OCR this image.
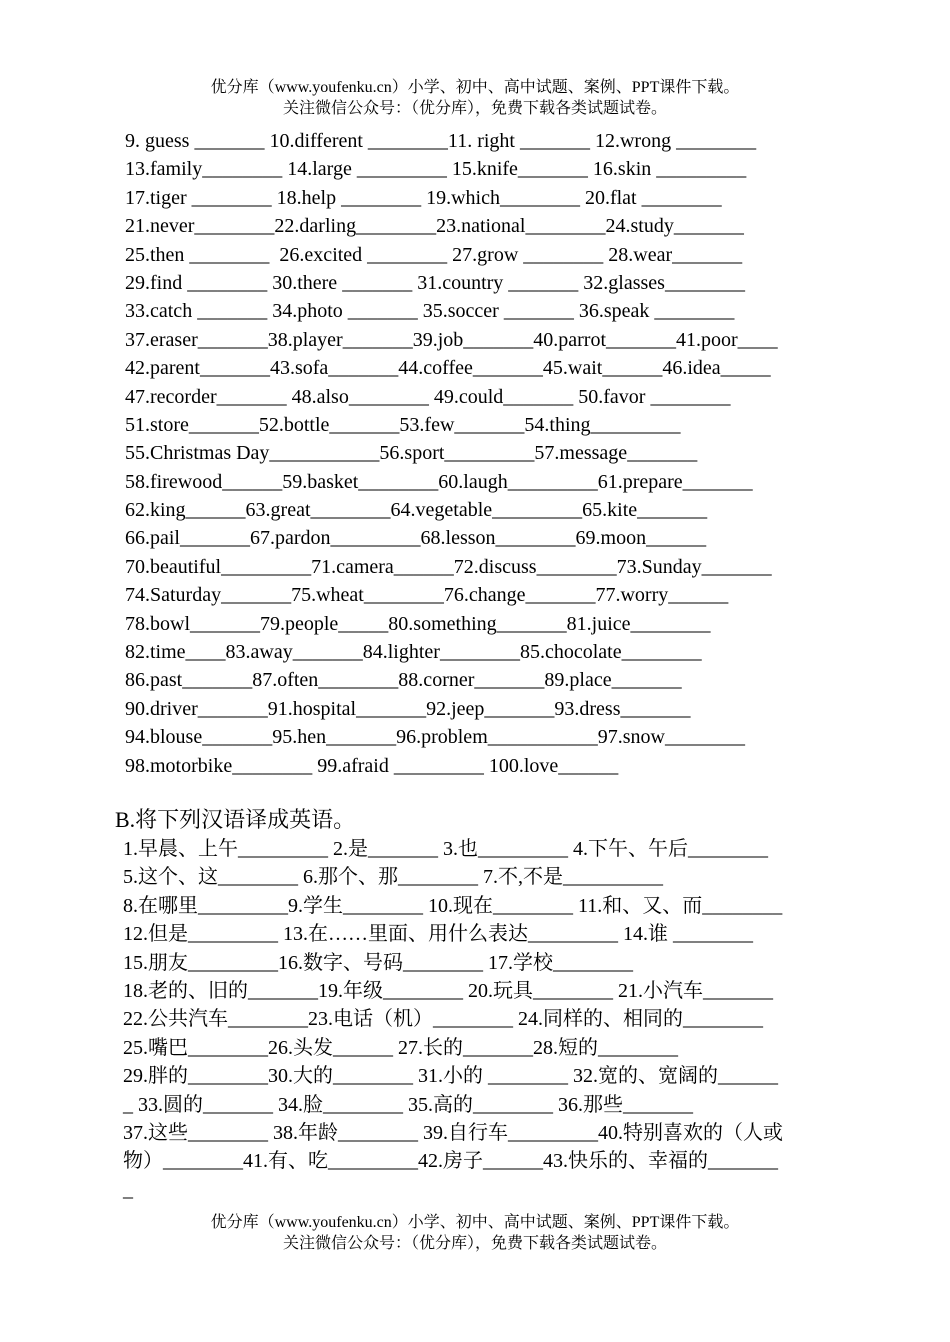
优分库（www.youfenku.cn）小学、初中、高中试题、案例、PPT课件下载。
关注微信公众号：（优分库），免费下载各类试题试卷。
9. guess _______ 10.different ________11. right _______ 12.wrong ________
13.family________ 14.large _________ 15.knife_______ 16.skin _________
17.tiger ________ 18.help ________ 19.which________ 20.flat ________
21.never________22.darling________23.national________24.study_______
25.then ________  26.excited ________ 27.grow ________ 28.wear_______
29.find ________ 30.there _______ 31.country _______ 32.glasses________
33.catch _______ 34.photo _______ 35.soccer _______ 36.speak ________
37.eraser_______38.player_______39.job_______40.parrot_______41.poor____
42.parent_______43.sofa_______44.coffee_______45.wait______46.idea_____
47.recorder_______ 48.also________ 49.could_______ 50.favor ________
51.store_______52.bottle_______53.few_______54.thing_________
55.Christmas Day___________56.sport_________57.message_______
58.firewood______59.basket________60.laugh_________61.prepare_______
62.king______63.great________64.vegetable_________65.kite_______
66.pail_______67.pardon_________68.lesson________69.moon______
70.beautiful_________71.camera______72.discuss________73.Sunday_______
74.Saturday_______75.wheat________76.change_______77.worry______
78.bowl_______79.people_____80.something_______81.juice________
82.time____83.away_______84.lighter________85.chocolate________
86.past_______87.often________88.corner_______89.place_______
90.driver_______91.hospital_______92.jeep_______93.dress_______
94.blouse_______95.hen_______96.problem___________97.snow________
98.motorbike________ 99.afraid _________ 100.love______
B.将下列汉语译成英语。
1.早晨、上午_________ 2.是_______ 3.也_________ 4.下午、午后________
5.这个、这________ 6.那个、那________ 7.不,不是__________
8.在哪里_________9.学生________ 10.现在________ 11.和、又、而________
12.但是_________ 13.在……里面、用什么表达_________ 14.谁 ________
15.朋友_________16.数字、号码________ 17.学校________
18.老的、旧的_______19.年级________ 20.玩具________ 21.小汽车_______
22.公共汽车________23.电话（机）________ 24.同样的、相同的________
25.嘴巴________26.头发______ 27.长的_______28.短的________
29.胖的________30.大的________ 31.小的 ________ 32.宽的、宽阔的______
_ 33.圆的_______ 34.脸________ 35.高的________ 36.那些_______
37.这些________ 38.年龄________ 39.自行车_________40.特别喜欢的（人或
物）________41.有、吃_________42.房子______43.快乐的、幸福的_______
_
优分库（www.youfenku.cn）小学、初中、高中试题、案例、PPT课件下载。
关注微信公众号：（优分库），免费下载各类试题试卷。
